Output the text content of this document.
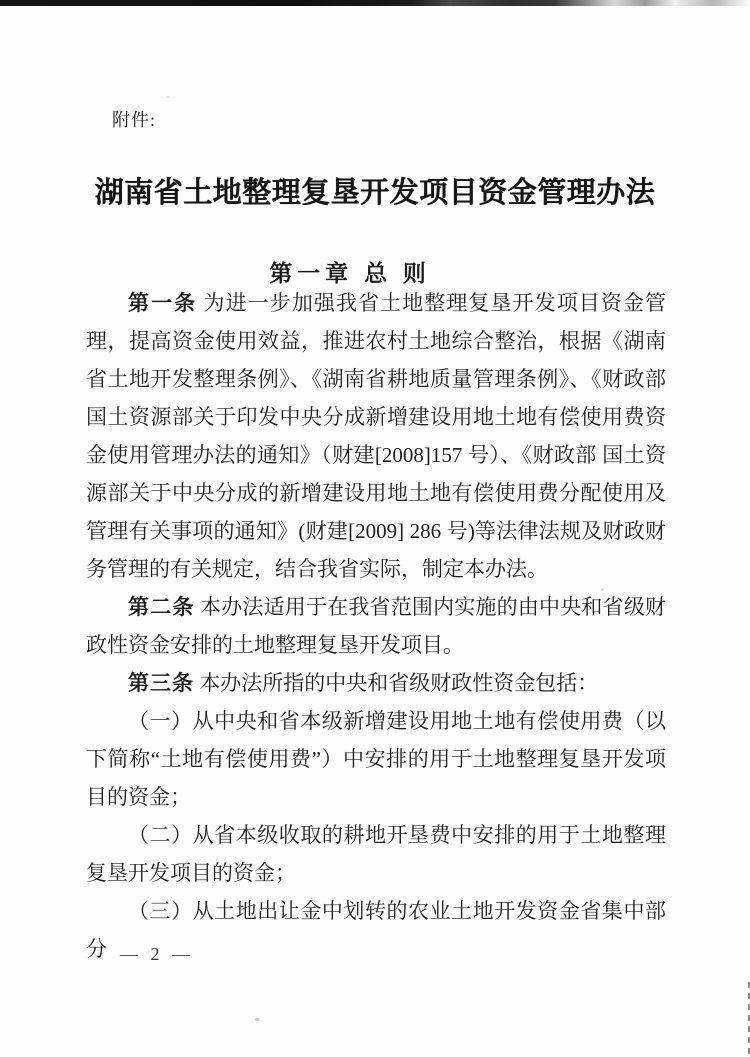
附件:
湖南省土地整理复垦开发项目资金管理办法
第一章 总 则

第一条 为进一步加强我省土地整理复垦开发项目资金管理，提高资金使用效益，推进农村土地综合整治，根据《湖南省土地开发整理条例》、《湖南省耕地质量管理条例》、《财政部 国土资源部关于印发中央分成新增建设用地土地有偿使用费资金使用管理办法的通知》（财建[2008]157 号）、《财政部 国土资源部关于中央分成的新增建设用地土地有偿使用费分配使用及管理有关事项的通知》(财建[2009] 286 号)等法律法规及财政财务管理的有关规定，结合我省实际，制定本办法。

第二条 本办法适用于在我省范围内实施的由中央和省级财政性资金安排的土地整理复垦开发项目。

第三条 本办法所指的中央和省级财政性资金包括：

（一）从中央和省本级新增建设用地土地有偿使用费（以下简称“土地有偿使用费”）中安排的用于土地整理复垦开发项目的资金；

（二）从省本级收取的耕地开垦费中安排的用于土地整理复垦开发项目的资金；

（三）从土地出让金中划转的农业土地开发资金省集中部分 — 2 —
